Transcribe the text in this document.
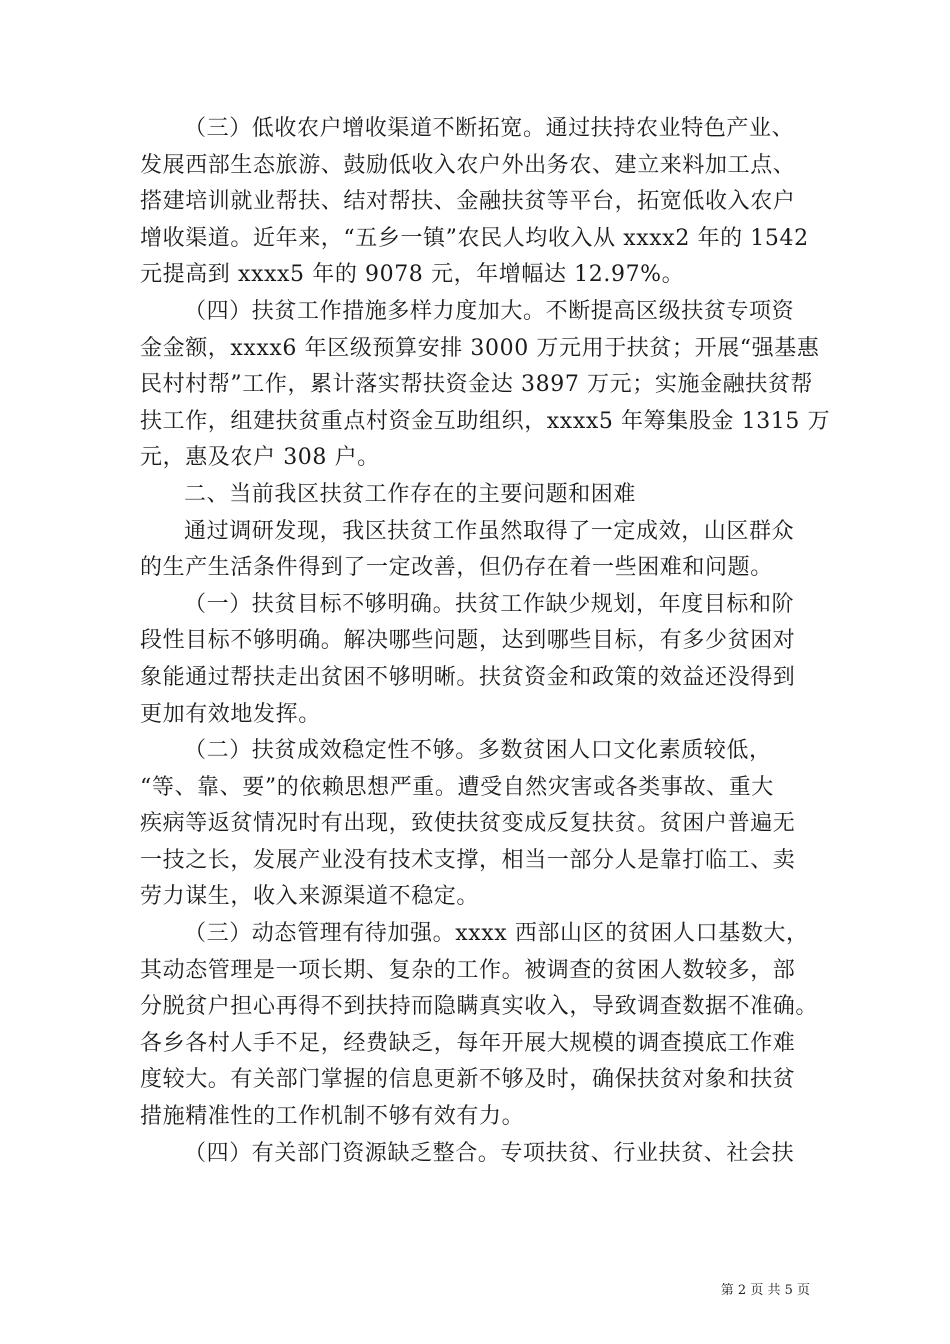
（三）低收农户增收渠道不断拓宽。通过扶持农业特色产业、
发展西部生态旅游、鼓励低收入农户外出务农、建立来料加工点、
搭建培训就业帮扶、结对帮扶、金融扶贫等平台，拓宽低收入农户
增收渠道。近年来，“五乡一镇”农民人均收入从 xxxx2 年的 1542
元提高到 xxxx5 年的 9078 元，年增幅达 12.97%。

（四）扶贫工作措施多样力度加大。不断提高区级扶贫专项资
金金额，xxxx6 年区级预算安排 3000 万元用于扶贫；开展“强基惠
民村村帮”工作，累计落实帮扶资金达 3897 万元；实施金融扶贫帮
扶工作，组建扶贫重点村资金互助组织，xxxx5 年筹集股金 1315 万
元，惠及农户 308 户。

二、当前我区扶贫工作存在的主要问题和困难

通过调研发现，我区扶贫工作虽然取得了一定成效，山区群众
的生产生活条件得到了一定改善，但仍存在着一些困难和问题。

（一）扶贫目标不够明确。扶贫工作缺少规划，年度目标和阶
段性目标不够明确。解决哪些问题，达到哪些目标，有多少贫困对
象能通过帮扶走出贫困不够明晰。扶贫资金和政策的效益还没得到
更加有效地发挥。

（二）扶贫成效稳定性不够。多数贫困人口文化素质较低，
“等、靠、要”的依赖思想严重。遭受自然灾害或各类事故、重大
疾病等返贫情况时有出现，致使扶贫变成反复扶贫。贫困户普遍无
一技之长，发展产业没有技术支撑，相当一部分人是靠打临工、卖
劳力谋生，收入来源渠道不稳定。

（三）动态管理有待加强。xxxx 西部山区的贫困人口基数大，
其动态管理是一项长期、复杂的工作。被调查的贫困人数较多，部
分脱贫户担心再得不到扶持而隐瞒真实收入，导致调查数据不准确。
各乡各村人手不足，经费缺乏，每年开展大规模的调查摸底工作难
度较大。有关部门掌握的信息更新不够及时，确保扶贫对象和扶贫
措施精准性的工作机制不够有效有力。

（四）有关部门资源缺乏整合。专项扶贫、行业扶贫、社会扶

第 2 页 共 5 页
